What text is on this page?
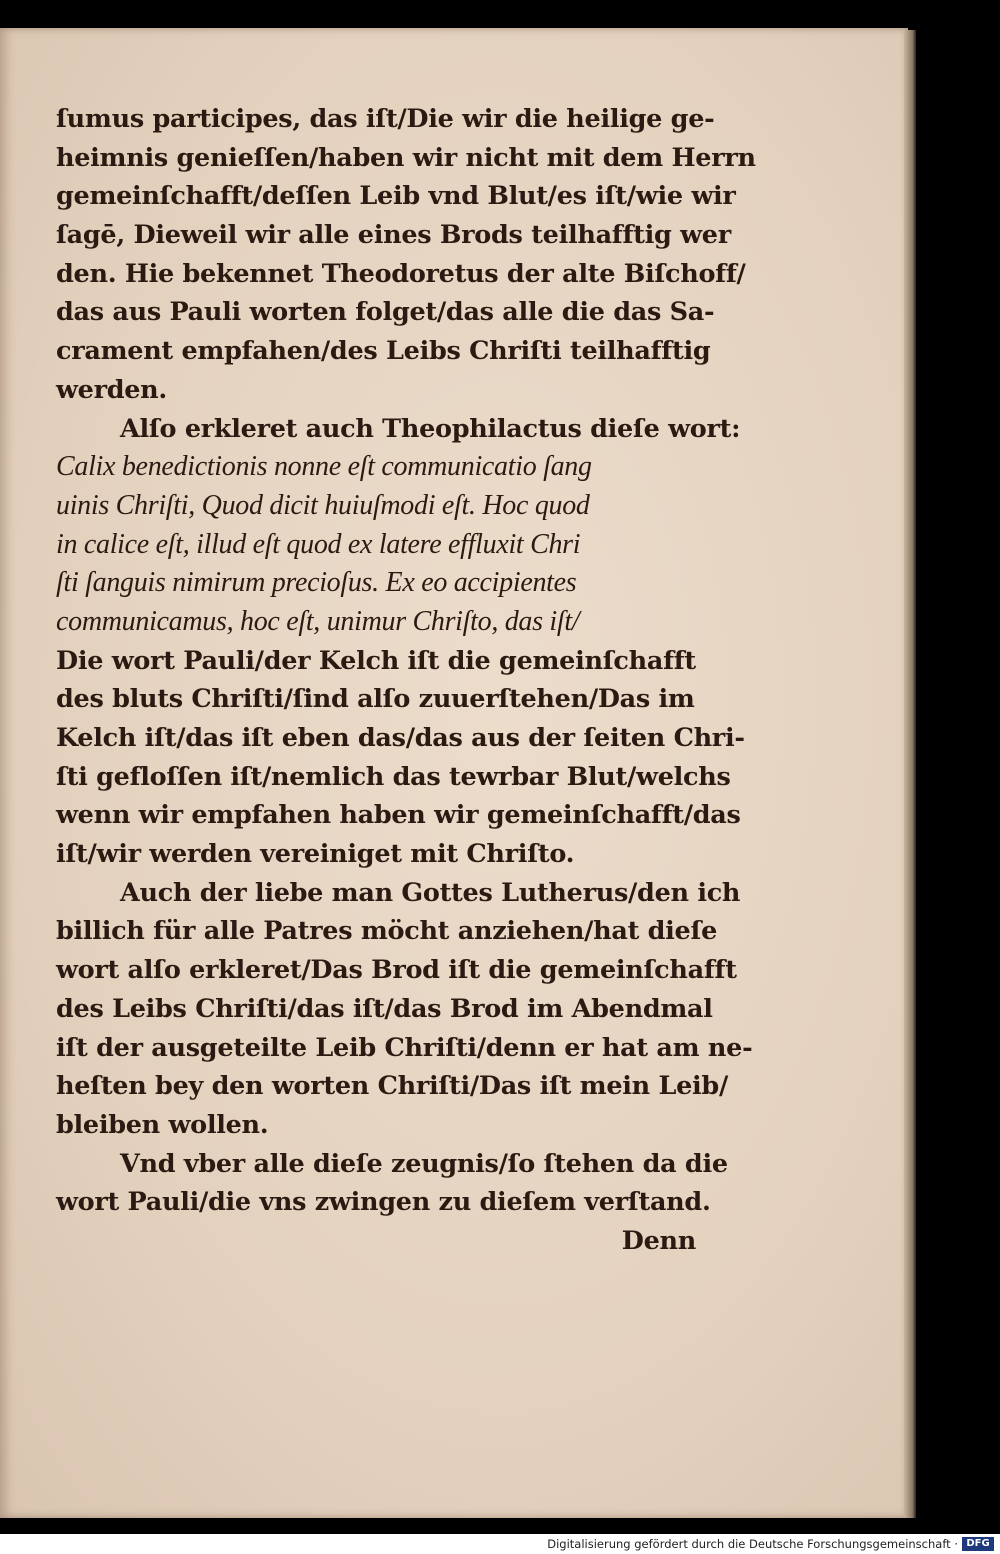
ſumus participes, das iſt/Die wir die heilige ge‑
heimnis genieſſen/haben wir nicht mit dem Herrn
gemeinſchafft/deſſen Leib vnd Blut/es iſt/wie wir
ſagē, Dieweil wir alle eines Brods teilhafftig wer
den. Hie bekennet Theodoretus der alte Biſchoff/
das aus Pauli worten folget/das alle die das Sa‑
crament empfahen/des Leibs Chriſti teilhafftig
werden.
Alſo erkleret auch Theophilactus dieſe wort:
Calix benedictionis nonne eſt communicatio ſang
uinis Chriſti, Quod dicit huiuſmodi eſt. Hoc quod
in calice eſt, illud eſt quod ex latere effluxit Chri
ſti ſanguis nimirum precioſus. Ex eo accipientes
communicamus, hoc eſt, unimur Chriſto, das iſt/
Die wort Pauli/der Kelch iſt die gemeinſchafft
des bluts Chriſti/ſind alſo zuuerſtehen/Das im
Kelch iſt/das iſt eben das/das aus der ſeiten Chri‑
ſti gefloſſen iſt/nemlich das tewrbar Blut/welchs
wenn wir empfahen haben wir gemeinſchafft/das
iſt/wir werden vereiniget mit Chriſto.
Auch der liebe man Gottes Lutherus/den ich
billich für alle Patres möcht anziehen/hat dieſe
wort alſo erkleret/Das Brod iſt die gemeinſchafft
des Leibs Chriſti/das iſt/das Brod im Abendmal
iſt der ausgeteilte Leib Chriſti/denn er hat am ne‑
heſten bey den worten Chriſti/Das iſt mein Leib/
bleiben wollen.
Vnd vber alle dieſe zeugnis/ſo ſtehen da die
wort Pauli/die vns zwingen zu dieſem verſtand.
Denn
Digitalisierung gefördert durch die Deutsche Forschungsgemeinschaft · DFG
